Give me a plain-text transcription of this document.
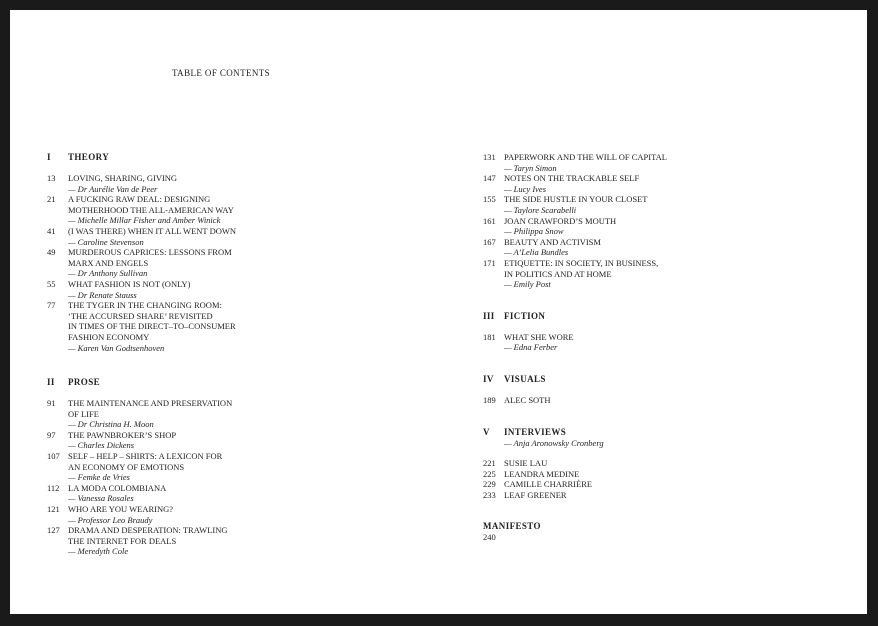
TABLE OF CONTENTS
I	THEORY
13	LOVING, SHARING, GIVING
— Dr Aurélie Van de Peer
21	A FUCKING RAW DEAL: DESIGNING
MOTHERHOOD THE ALL-AMERICAN WAY
— Michelle Millar Fisher and Amber Winick
41	(I WAS THERE) WHEN IT ALL WENT DOWN
— Caroline Stevenson
49	MURDEROUS CAPRICES: LESSONS FROM
MARX AND ENGELS
— Dr Anthony Sullivan
55	WHAT FASHION IS NOT (ONLY)
— Dr Renate Stauss
77	THE TYGER IN THE CHANGING ROOM:
‘THE ACCURSED SHARE’ REVISITED
IN TIMES OF THE DIRECT–TO–CONSUMER
FASHION ECONOMY
— Karen Van Godtsenhoven
II	PROSE
91	THE MAINTENANCE AND PRESERVATION
OF LIFE
— Dr Christina H. Moon
97	THE PAWNBROKER’S SHOP
— Charles Dickens
107 SELF – HELP – SHIRTS: A LEXICON FOR
AN ECONOMY OF EMOTIONS
— Femke de Vries
112	LA MODA COLOMBIANA
— Vanessa Rosales
121 WHO ARE YOU WEARING?
— Professor Leo Braudy
127 DRAMA AND DESPERATION: TRAWLING
THE INTERNET FOR DEALS
— Meredyth Cole
131 PAPERWORK AND THE WILL OF CAPITAL
— Taryn Simon
147 NOTES ON THE TRACKABLE SELF
— Lucy Ives
155 THE SIDE HUSTLE IN YOUR CLOSET
— Taylore Scarabelli
161 JOAN CRAWFORD’S MOUTH
— Philippa Snow
167 BEAUTY AND ACTIVISM
— A’Lelia Bundles
171 ETIQUETTE: IN SOCIETY, IN BUSINESS,
IN POLITICS AND AT HOME
— Emily Post
III	FICTION
181 WHAT SHE WORE
— Edna Ferber
IV	VISUALS
189 ALEC SOTH
V	INTERVIEWS
— Anja Aronowsky Cronberg
221 SUSIE LAU
225 LEANDRA MEDINE
229 CAMILLE CHARRIÈRE
233 LEAF GREENER
MANIFESTO
240
